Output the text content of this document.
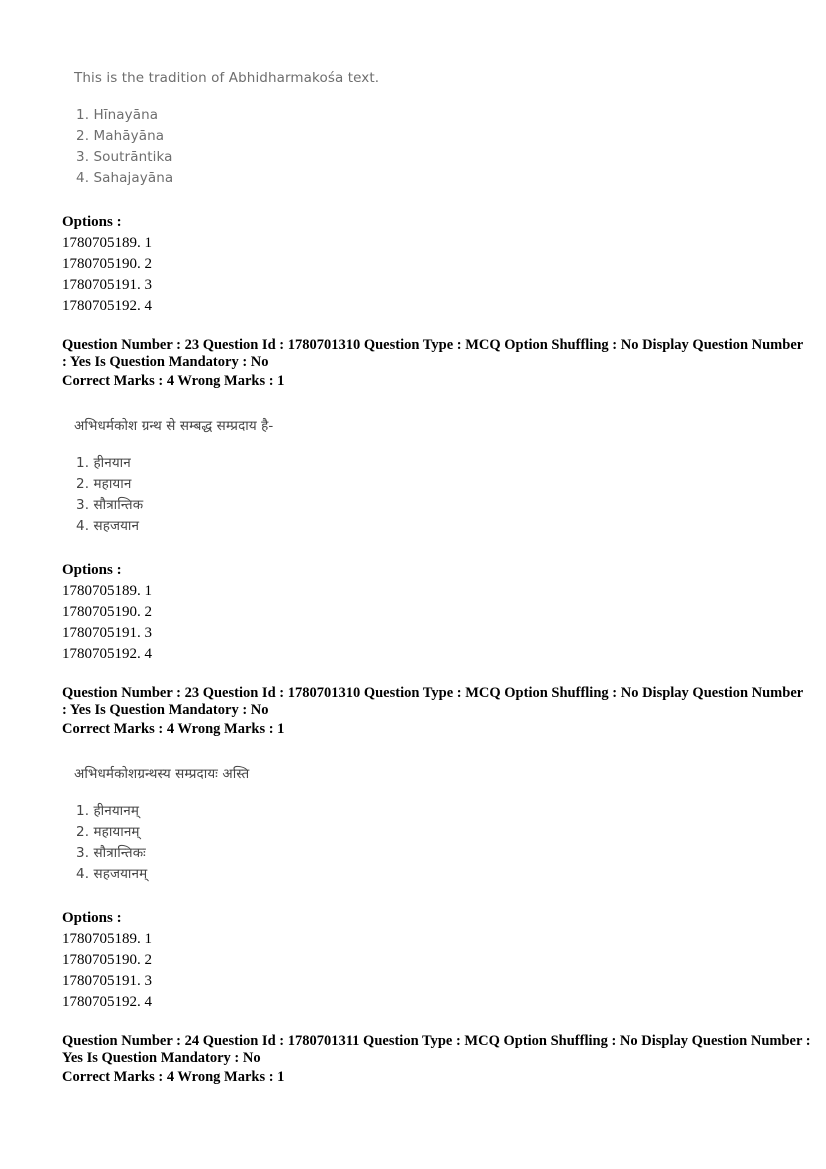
This is the tradition of Abhidharmakośa text.
1. Hīnayāna
2. Mahāyāna
3. Soutrāntika
4. Sahajayāna
Options :
1780705189. 1
1780705190. 2
1780705191. 3
1780705192. 4
Question Number : 23 Question Id : 1780701310 Question Type : MCQ Option Shuffling : No Display Question Number
: Yes Is Question Mandatory : No
Correct Marks : 4 Wrong Marks : 1
अभिधर्मकोश ग्रन्थ से सम्बद्ध सम्प्रदाय है-
1. हीनयान
2. महायान
3. सौत्रान्तिक
4. सहजयान
Options :
1780705189. 1
1780705190. 2
1780705191. 3
1780705192. 4
Question Number : 23 Question Id : 1780701310 Question Type : MCQ Option Shuffling : No Display Question Number
: Yes Is Question Mandatory : No
Correct Marks : 4 Wrong Marks : 1
अभिधर्मकोशग्रन्थस्य सम्प्रदायः अस्ति
1. हीनयानम्
2. महायानम्
3. सौत्रान्तिकः
4. सहजयानम्
Options :
1780705189. 1
1780705190. 2
1780705191. 3
1780705192. 4
Question Number : 24 Question Id : 1780701311 Question Type : MCQ Option Shuffling : No Display Question Number :
Yes Is Question Mandatory : No
Correct Marks : 4 Wrong Marks : 1
